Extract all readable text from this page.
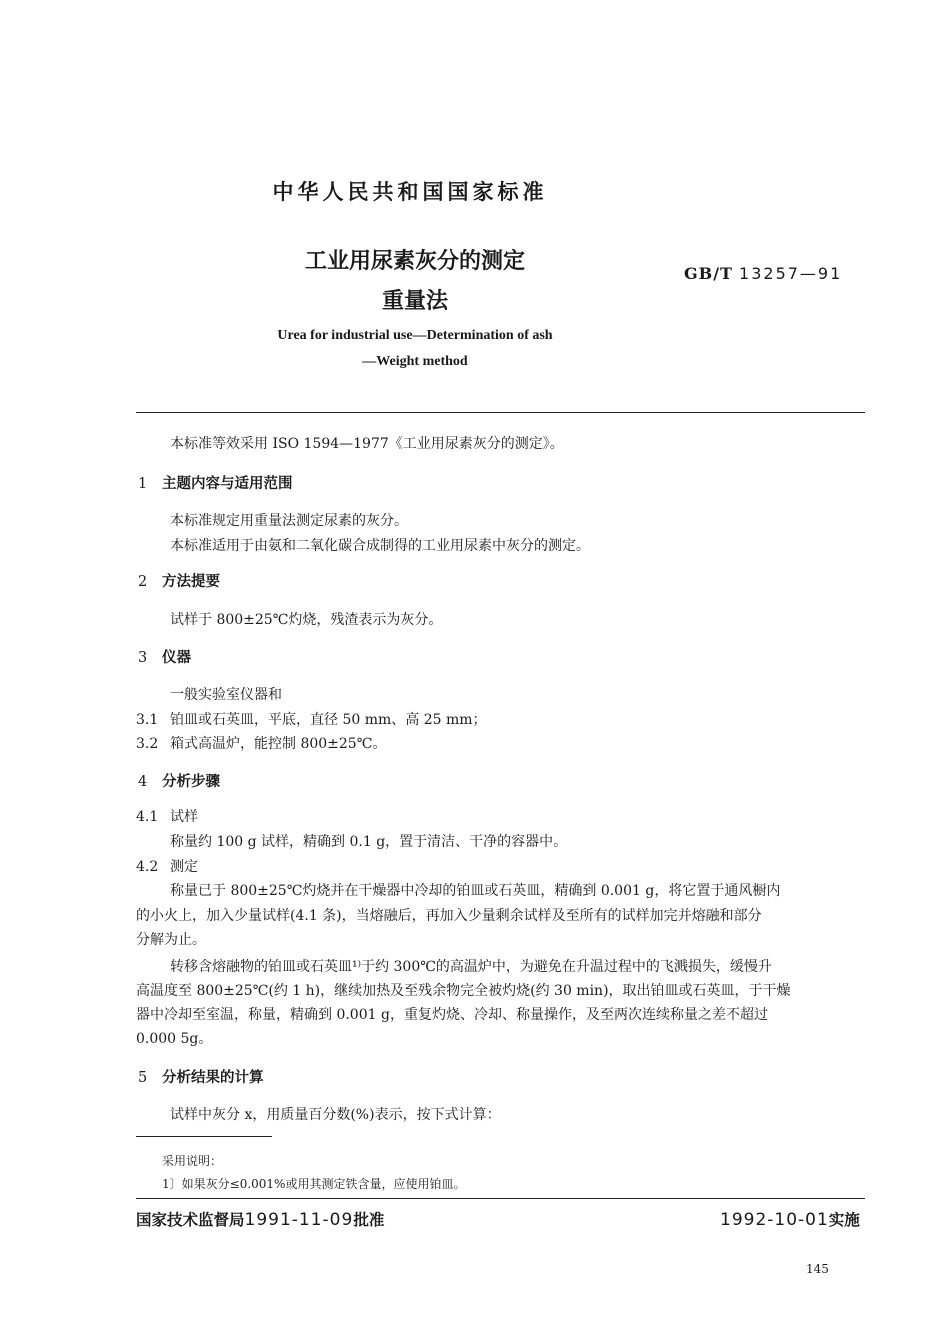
中华人民共和国国家标准
工业用尿素灰分的测定
重量法
GB/T 13257—91
Urea for industrial use—Determination of ash
—Weight method
本标准等效采用 ISO 1594—1977《工业用尿素灰分的测定》。
1 主题内容与适用范围
本标准规定用重量法测定尿素的灰分。
本标准适用于由氨和二氧化碳合成制得的工业用尿素中灰分的测定。
2 方法提要
试样于 800±25℃灼烧，残渣表示为灰分。
3 仪器
一般实验室仪器和
3.1 铂皿或石英皿，平底，直径 50 mm、高 25 mm；
3.2 箱式高温炉，能控制 800±25℃。
4 分析步骤
4.1 试样
称量约 100 g 试样，精确到 0.1 g，置于清洁、干净的容器中。
4.2 测定
称量已于 800±25℃灼烧并在干燥器中冷却的铂皿或石英皿，精确到 0.001 g，将它置于通风橱内
的小火上，加入少量试样(4.1 条)，当熔融后，再加入少量剩余试样及至所有的试样加完并熔融和部分
分解为止。
转移含熔融物的铂皿或石英皿¹⁾于约 300℃的高温炉中，为避免在升温过程中的飞溅损失，缓慢升
高温度至 800±25℃(约 1 h)，继续加热及至残余物完全被灼烧(约 30 min)，取出铂皿或石英皿，于干燥
器中冷却至室温，称量，精确到 0.001 g，重复灼烧、冷却、称量操作，及至两次连续称量之差不超过
0.000 5g。
5 分析结果的计算
试样中灰分 x，用质量百分数(%)表示，按下式计算：
采用说明：
1〕如果灰分≤0.001%或用其测定铁含量，应使用铂皿。
国家技术监督局1991-11-09批准	1992-10-01实施
145
